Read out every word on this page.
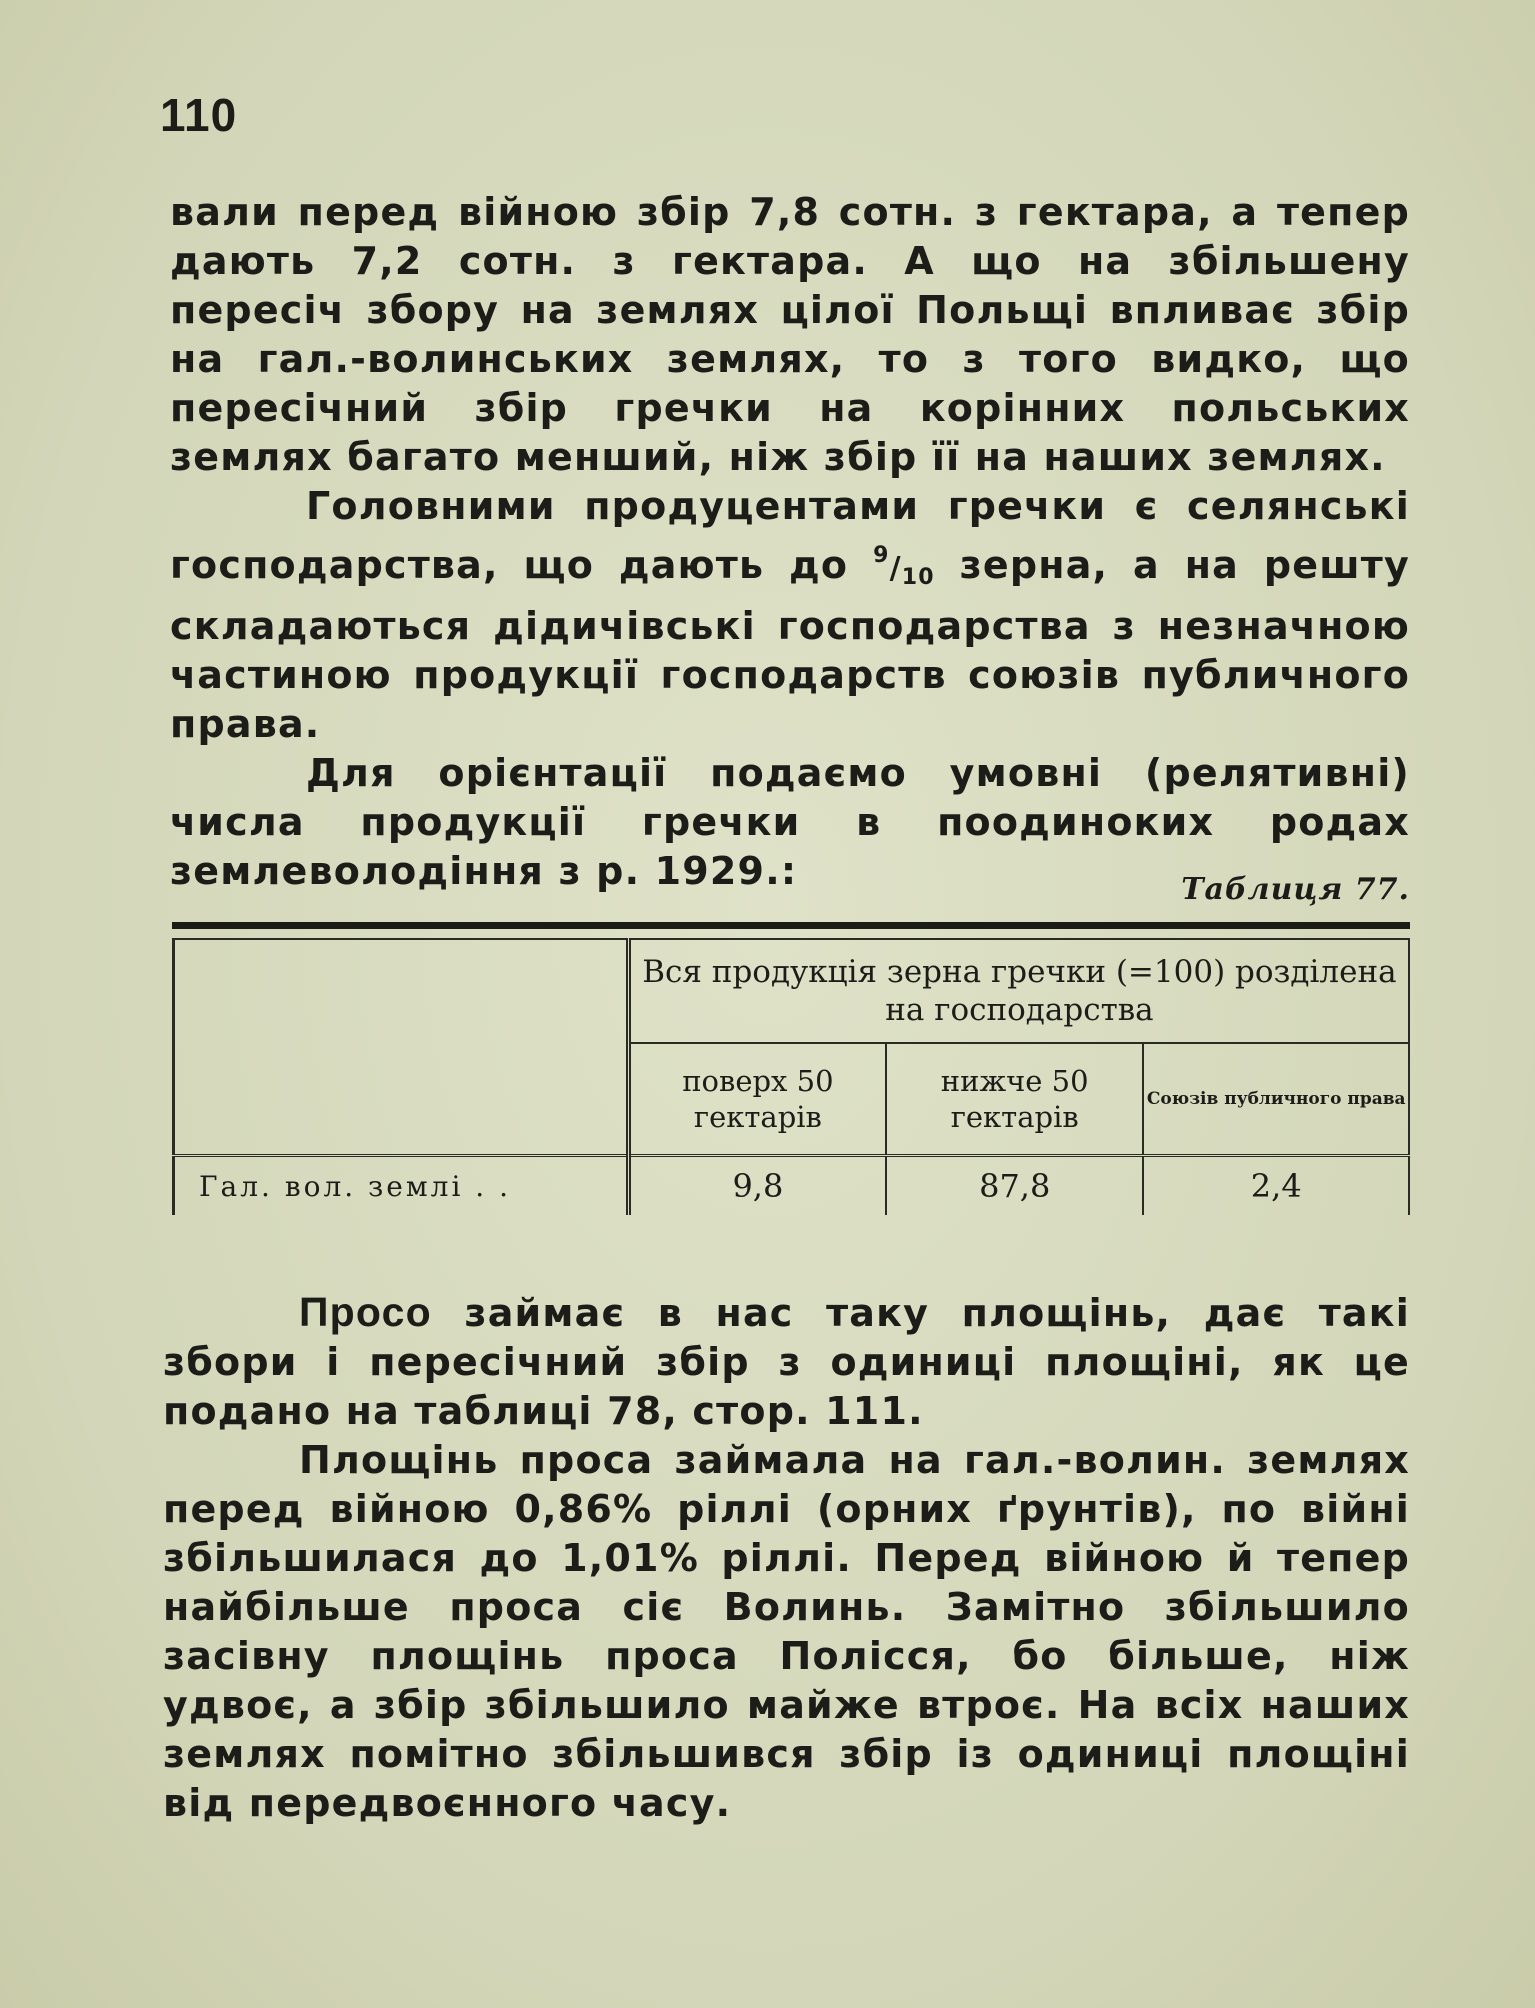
110

вали перед війною збір 7,8 сотн. з гектара, а тепер дають 7,2 сотн. з гектара. А що на збільшену пересіч збору на землях цілої Польщі впливає збір на гал.-волинських землях, то з того видко, що пересічний збір гречки на корінних польських землях багато менший, ніж збір її на наших землях.

Головними продуцентами гречки є селянські господарства, що дають до $^9/_{10}$ зерна, а на решту складаються дідичівські господарства з незначною частиною продукції господарств союзів публичного права.

Для орієнтації подаємо умовні (релятивні) числа продукції гречки в поодиноких родах землеволодіння з р. 1929.:	Таблиця 77.
	Вся продукція зерна гречки (=100) розділена на господарства		
	поверх 50 гектарів	нижче 50 гектарів	Союзів публичного права
Гал. вол. землі . .	9,8	87,8	2,4

Просо займає в нас таку площінь, дає такі збори і пересічний збір з одиниці площіні, як це подано на таблиці 78, стор. 111.

Площінь проса займала на гал.-волин. землях перед війною 0,86% ріллі (орних ґрунтів), по війні збільшилася до 1,01% ріллі. Перед війною й тепер найбільше проса сіє Волинь. Замітно збільшило засівну площінь проса Полісся, бо більше, ніж удвоє, а збір збільшило майже втроє. На всіх наших землях помітно збільшився збір із одиниці площіні від передвоєнного часу.
